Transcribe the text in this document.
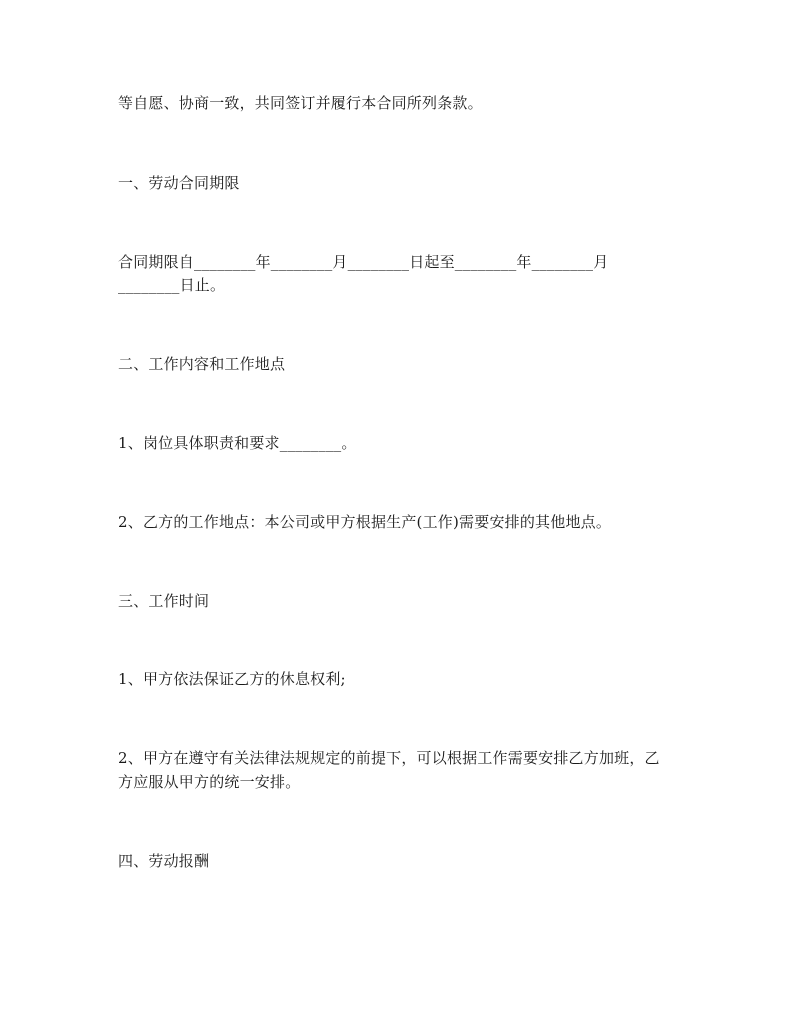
等自愿、协商一致，共同签订并履行本合同所列条款。
一、劳动合同期限
合同期限自________年________月________日起至________年________月
________日止。
二、工作内容和工作地点
1、岗位具体职责和要求________。
2、乙方的工作地点：本公司或甲方根据生产(工作)需要安排的其他地点。
三、工作时间
1、甲方依法保证乙方的休息权利;
2、甲方在遵守有关法律法规规定的前提下，可以根据工作需要安排乙方加班，乙
方应服从甲方的统一安排。
四、劳动报酬
